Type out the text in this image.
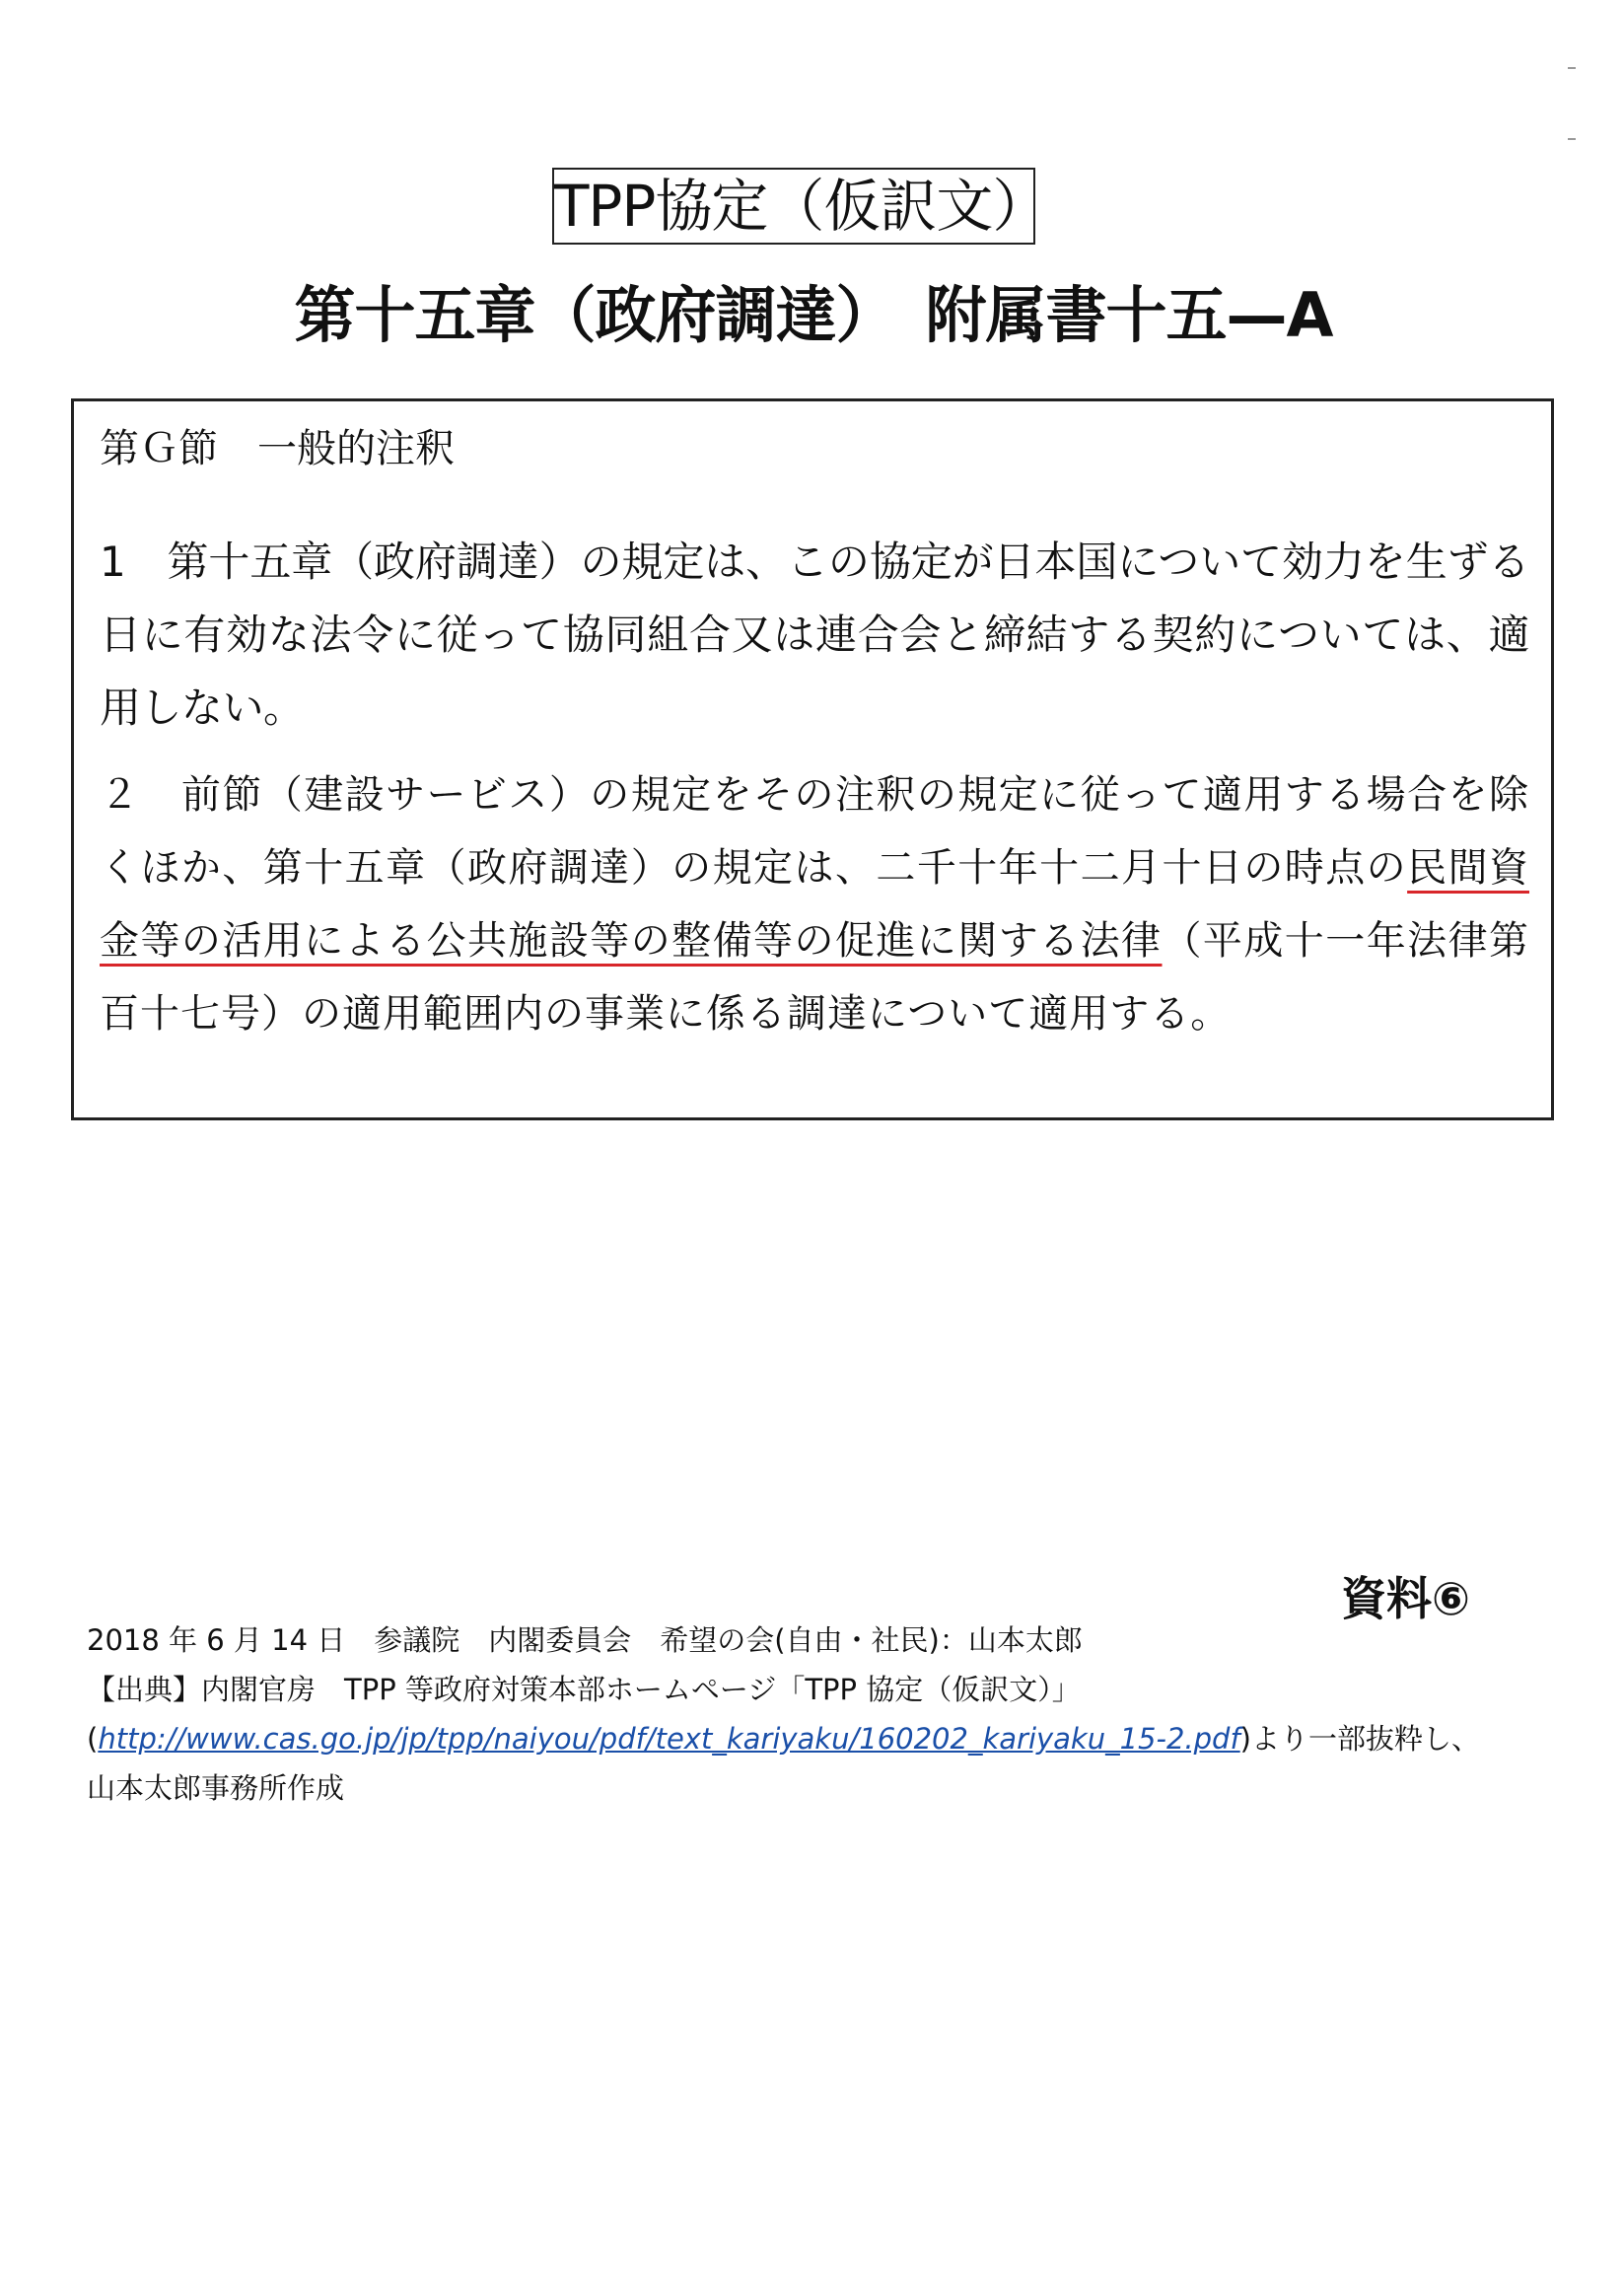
TPP協定（仮訳文）
第十五章（政府調達）　附属書十五—A
第Ｇ節　一般的注釈
1　第十五章（政府調達）の規定は、この協定が日本国について効力を生ずる日に有効な法令に従って協同組合又は連合会と締結する契約については、適用しない。
２　前節（建設サービス）の規定をその注釈の規定に従って適用する場合を除くほか、第十五章（政府調達）の規定は、二千十年十二月十日の時点の民間資金等の活用による公共施設等の整備等の促進に関する法律（平成十一年法律第百十七号）の適用範囲内の事業に係る調達について適用する。
資料⑥
2018 年 6 月 14 日　参議院　内閣委員会　希望の会(自由・社民)：山本太郎
【出典】内閣官房　TPP 等政府対策本部ホームページ「TPP 協定（仮訳文）」
(http://www.cas.go.jp/jp/tpp/naiyou/pdf/text_kariyaku/160202_kariyaku_15-2.pdf)より一部抜粋し、
山本太郎事務所作成
